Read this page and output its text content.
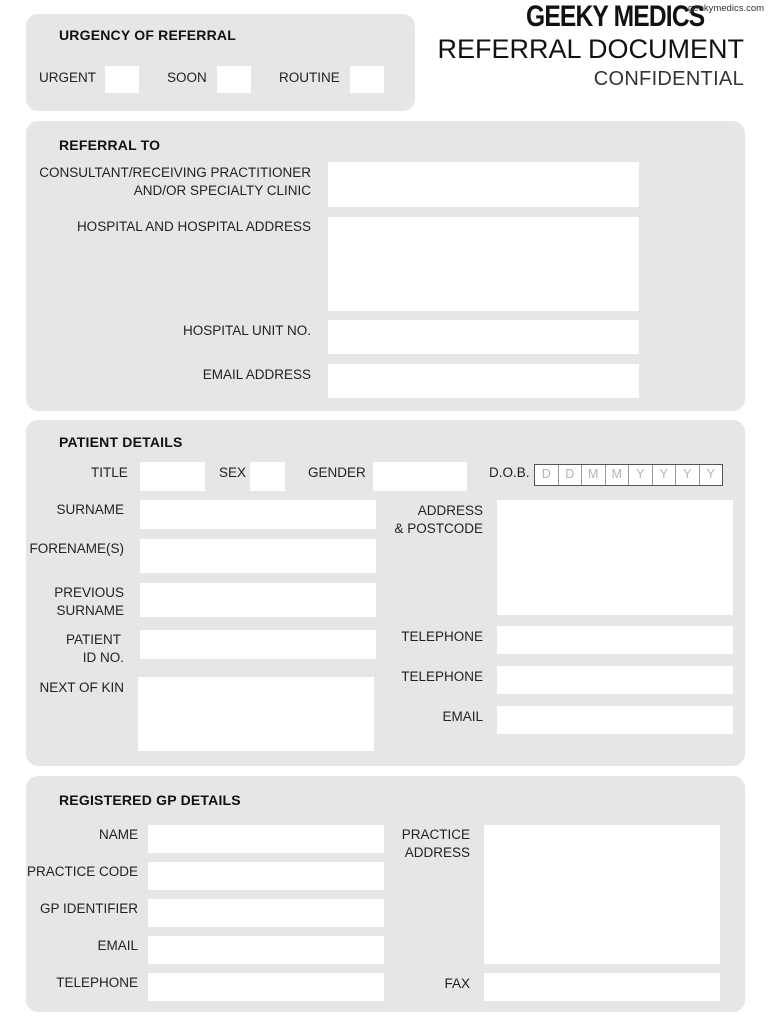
GEEKY MEDICS
geekymedics.com
REFERRAL DOCUMENT
CONFIDENTIAL
URGENCY OF REFERRAL
URGENT	SOON	ROUTINE
REFERRAL TO
CONSULTANT/RECEIVING PRACTITIONER
AND/OR SPECIALTY CLINIC
HOSPITAL AND HOSPITAL ADDRESS
HOSPITAL UNIT NO.
EMAIL ADDRESS
PATIENT DETAILS
TITLE	SEX	GENDER	D.O.B. D	D	M	M	Y	Y	Y	Y
SURNAME
FORENAME(S)
PREVIOUS
SURNAME
PATIENT
ID NO.
NEXT OF KIN
ADDRESS
& POSTCODE
TELEPHONE
TELEPHONE
EMAIL
REGISTERED GP DETAILS
NAME
PRACTICE CODE
GP IDENTIFIER
EMAIL
TELEPHONE
PRACTICE
ADDRESS
FAX
